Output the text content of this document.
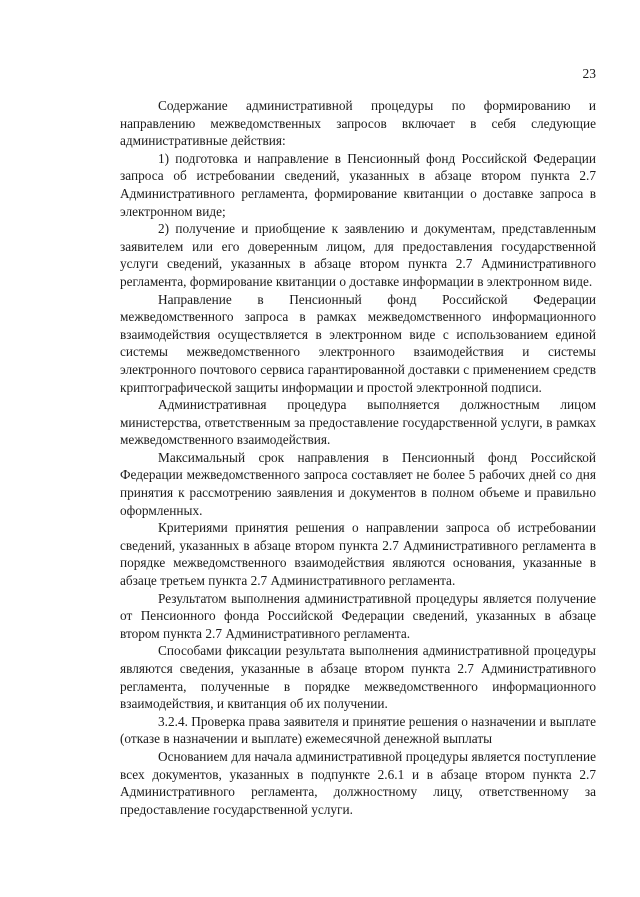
23

Содержание административной процедуры по формированию и направлению межведомственных запросов включает в себя следующие административные действия:

1) подготовка и направление в Пенсионный фонд Российской Федерации запроса об истребовании сведений, указанных в абзаце втором пункта 2.7 Административного регламента, формирование квитанции о доставке запроса в электронном виде;

2) получение и приобщение к заявлению и документам, представленным заявителем или его доверенным лицом, для предоставления государственной услуги сведений, указанных в абзаце втором пункта 2.7 Административного регламента, формирование квитанции о доставке информации в электронном виде.

Направление в Пенсионный фонд Российской Федерации межведомственного запроса в рамках межведомственного информационного взаимодействия осуществляется в электронном виде с использованием единой системы межведомственного электронного взаимодействия и системы электронного почтового сервиса гарантированной доставки с применением средств криптографической защиты информации и простой электронной подписи.

Административная процедура выполняется должностным лицом министерства, ответственным за предоставление государственной услуги, в рамках межведомственного взаимодействия.

Максимальный срок направления в Пенсионный фонд Российской Федерации межведомственного запроса составляет не более 5 рабочих дней со дня принятия к рассмотрению заявления и документов в полном объеме и правильно оформленных.

Критериями принятия решения о направлении запроса об истребовании сведений, указанных в абзаце втором пункта 2.7 Административного регламента в порядке межведомственного взаимодействия являются основания, указанные в абзаце третьем пункта 2.7 Административного регламента.

Результатом выполнения административной процедуры является получение от Пенсионного фонда Российской Федерации сведений, указанных в абзаце втором пункта 2.7 Административного регламента.

Способами фиксации результата выполнения административной процедуры являются сведения, указанные в абзаце втором пункта 2.7 Административного регламента, полученные в порядке межведомственного информационного взаимодействия, и квитанция об их получении.

3.2.4. Проверка права заявителя и принятие решения о назначении и выплате (отказе в назначении и выплате) ежемесячной денежной выплаты

Основанием для начала административной процедуры является поступление всех документов, указанных в подпункте 2.6.1 и в абзаце втором пункта 2.7 Административного регламента, должностному лицу, ответственному за предоставление государственной услуги.
